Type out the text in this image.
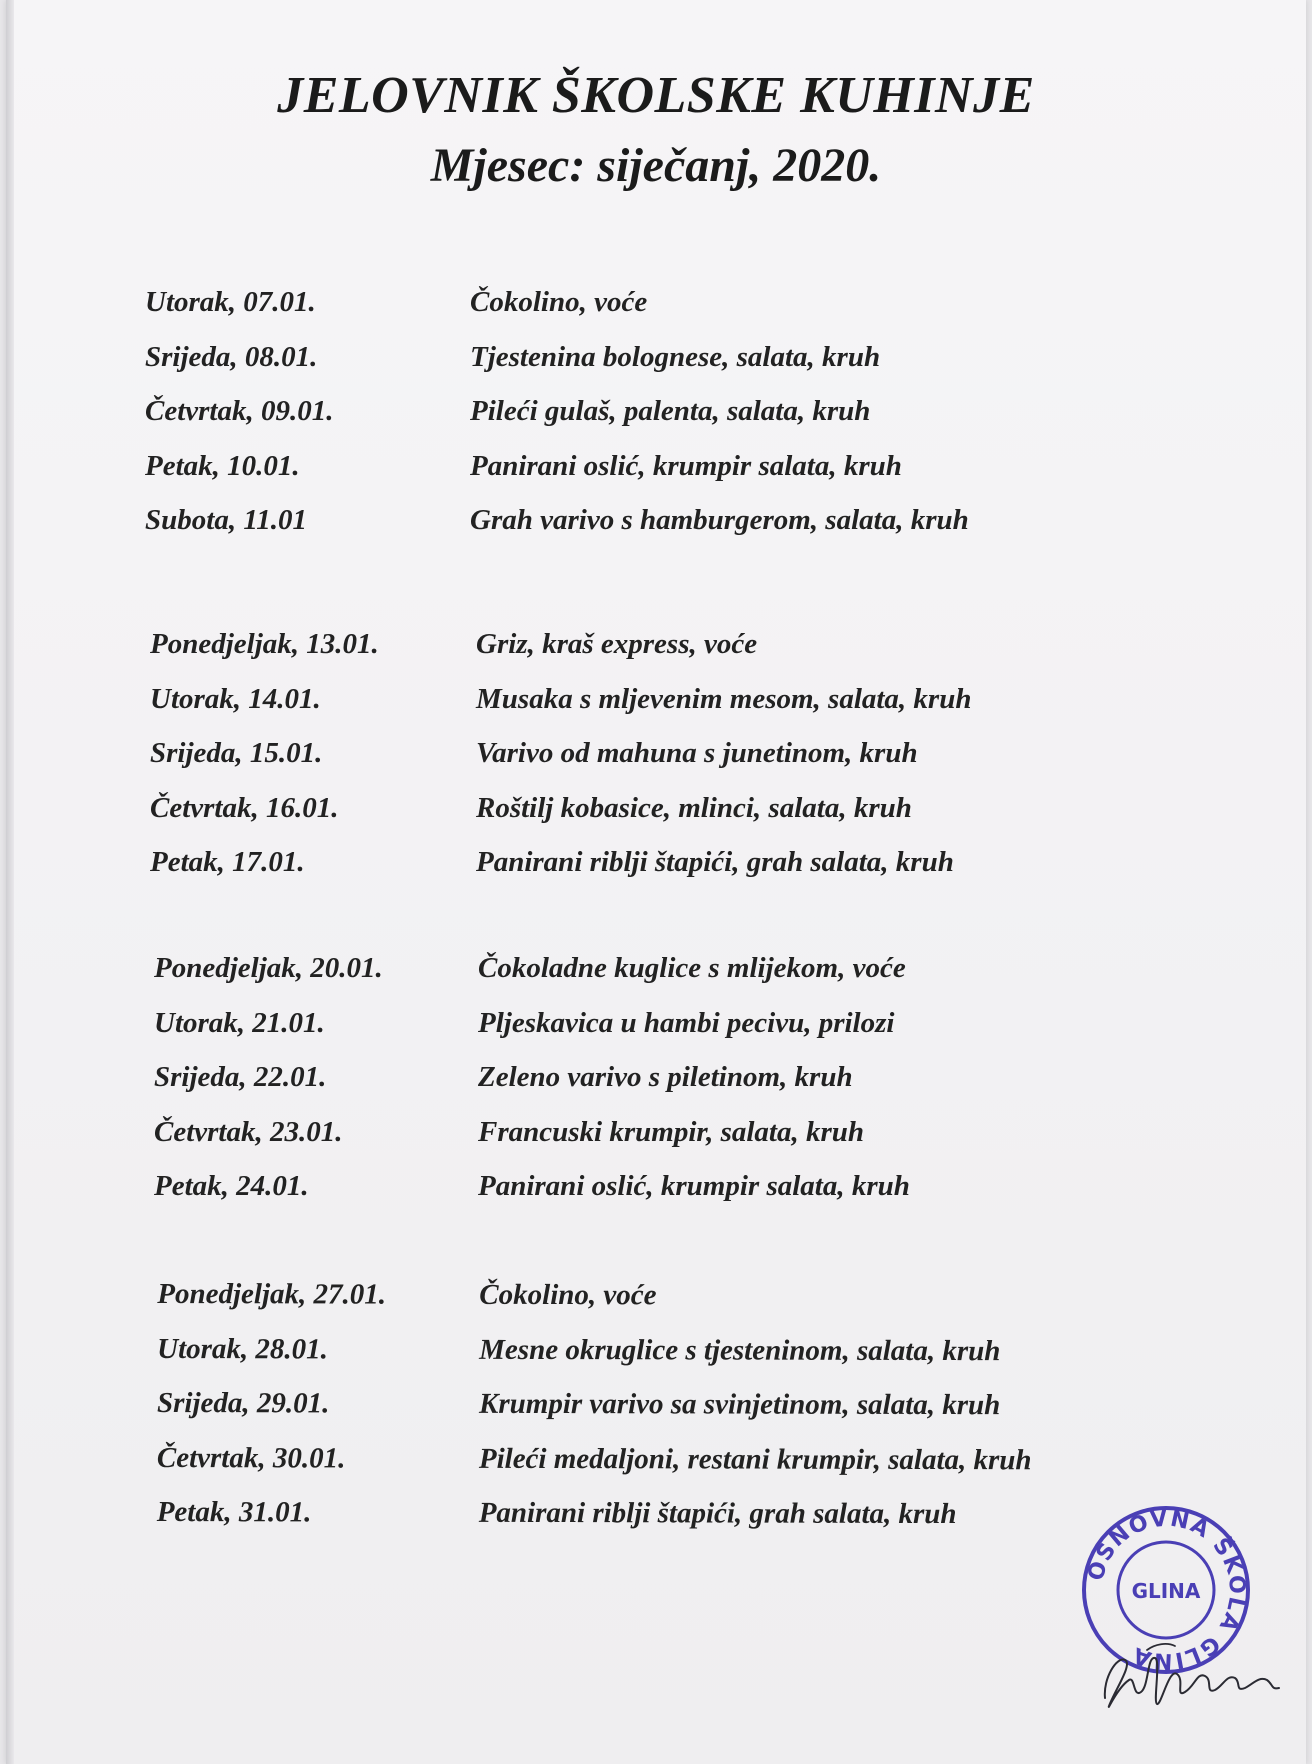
JELOVNIK ŠKOLSKE KUHINJE
Mjesec: siječanj, 2020.
Utorak, 07.01.	Čokolino, voće
Srijeda, 08.01.	Tjestenina bolognese, salata, kruh
Četvrtak, 09.01.	Pileći gulaš, palenta, salata, kruh
Petak, 10.01.	Panirani oslić, krumpir salata, kruh
Subota, 11.01	Grah varivo s hamburgerom, salata, kruh
Ponedjeljak, 13.01.	Griz, kraš express, voće
Utorak, 14.01.	Musaka s mljevenim mesom, salata, kruh
Srijeda, 15.01.	Varivo od mahuna s junetinom, kruh
Četvrtak, 16.01.	Roštilj kobasice, mlinci, salata, kruh
Petak, 17.01.	Panirani riblji štapići, grah salata, kruh
Ponedjeljak, 20.01.	Čokoladne kuglice s mlijekom, voće
Utorak, 21.01.	Pljeskavica u hambi pecivu, prilozi
Srijeda, 22.01.	Zeleno varivo s piletinom, kruh
Četvrtak, 23.01.	Francuski krumpir, salata, kruh
Petak, 24.01.	Panirani oslić, krumpir salata, kruh
Ponedjeljak, 27.01.	Čokolino, voće
Utorak, 28.01.	Mesne okruglice s tjesteninom, salata, kruh
Srijeda, 29.01.	Krumpir varivo sa svinjetinom, salata, kruh
Četvrtak, 30.01.	Pileći medaljoni, restani krumpir, salata, kruh
Petak, 31.01.	Panirani riblji štapići, grah salata, kruh
OSNOVNA ŠKOLA GLINA
GLINA
